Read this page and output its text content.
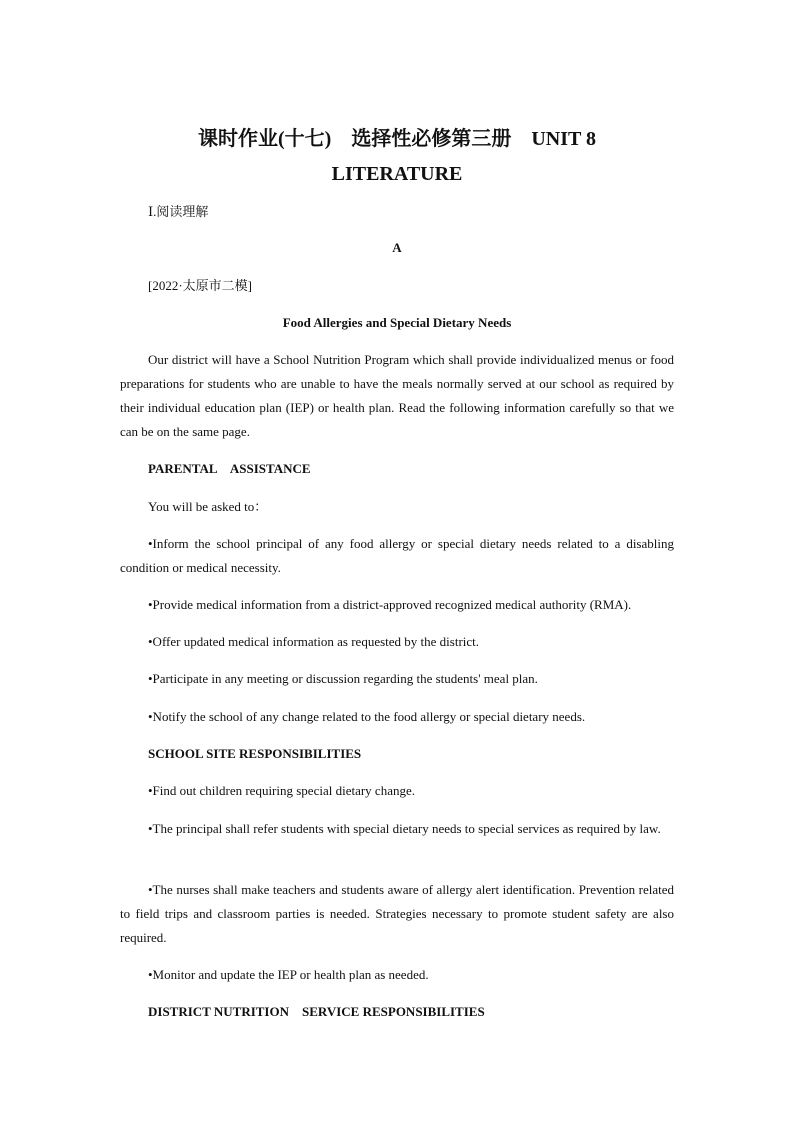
课时作业(十七)　选择性必修第三册　UNIT 8
LITERATURE

Ⅰ.阅读理解

A

[2022·太原市二模]

Food Allergies and Special Dietary Needs

Our district will have a School Nutrition Program which shall provide individualized menus or food preparations for students who are unable to have the meals normally served at our school as required by their individual education plan (IEP) or health plan. Read the following information carefully so that we can be on the same page.

PARENTAL　ASSISTANCE

You will be asked to：

•Inform the school principal of any food allergy or special dietary needs related to a disabling condition or medical necessity.

•Provide medical information from a district-approved recognized medical authority (RMA).

•Offer updated medical information as requested by the district.

•Participate in any meeting or discussion regarding the students' meal plan.

•Notify the school of any change related to the food allergy or special dietary needs.

SCHOOL SITE RESPONSIBILITIES

•Find out children requiring special dietary change.

•The principal shall refer students with special dietary needs to special services as required by law.

•The nurses shall make teachers and students aware of allergy alert identification. Prevention related to field trips and classroom parties is needed. Strategies necessary to promote student safety are also required.

•Monitor and update the IEP or health plan as needed.

DISTRICT NUTRITION　SERVICE RESPONSIBILITIES
